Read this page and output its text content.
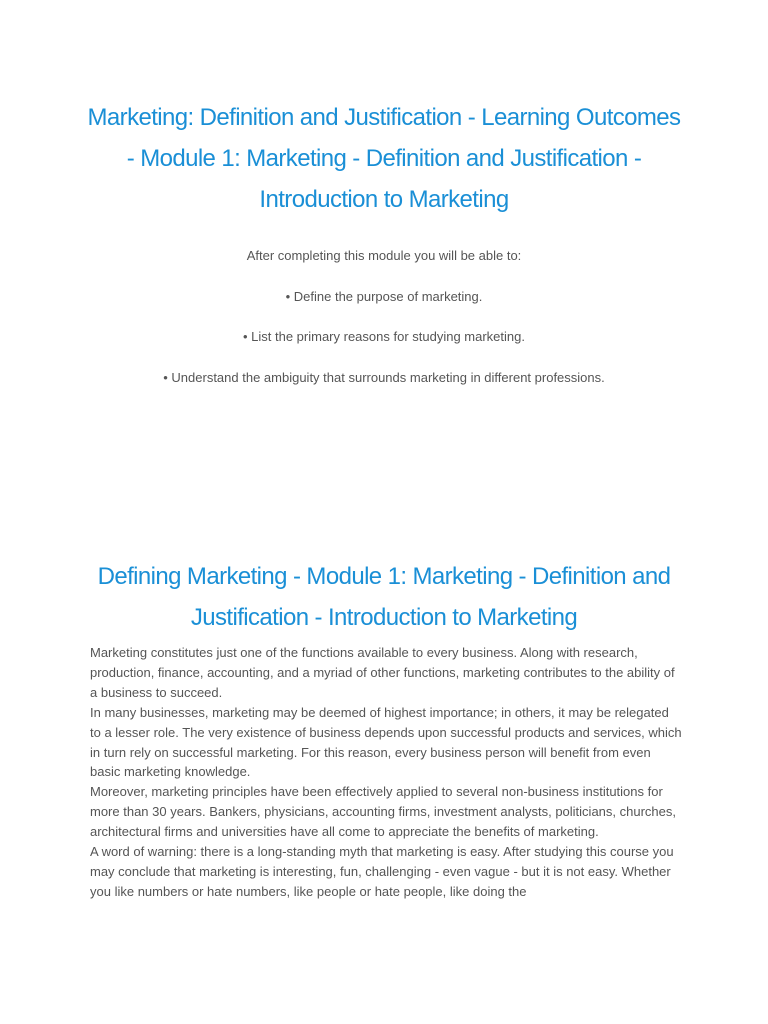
Marketing: Definition and Justification - Learning Outcomes - Module 1: Marketing - Definition and Justification - Introduction to Marketing

After completing this module you will be able to:

• Define the purpose of marketing.

• List the primary reasons for studying marketing.

• Understand the ambiguity that surrounds marketing in different professions.

Defining Marketing - Module 1: Marketing - Definition and Justification - Introduction to Marketing

Marketing constitutes just one of the functions available to every business. Along with research, production, finance, accounting, and a myriad of other functions, marketing contributes to the ability of a business to succeed.

In many businesses, marketing may be deemed of highest importance; in others, it may be relegated to a lesser role. The very existence of business depends upon successful products and services, which in turn rely on successful marketing. For this reason, every business person will benefit from even basic marketing knowledge.

Moreover, marketing principles have been effectively applied to several non-business institutions for more than 30 years. Bankers, physicians, accounting firms, investment analysts, politicians, churches, architectural firms and universities have all come to appreciate the benefits of marketing.

A word of warning: there is a long-standing myth that marketing is easy. After studying this course you may conclude that marketing is interesting, fun, challenging - even vague - but it is not easy. Whether you like numbers or hate numbers, like people or hate people, like doing the
